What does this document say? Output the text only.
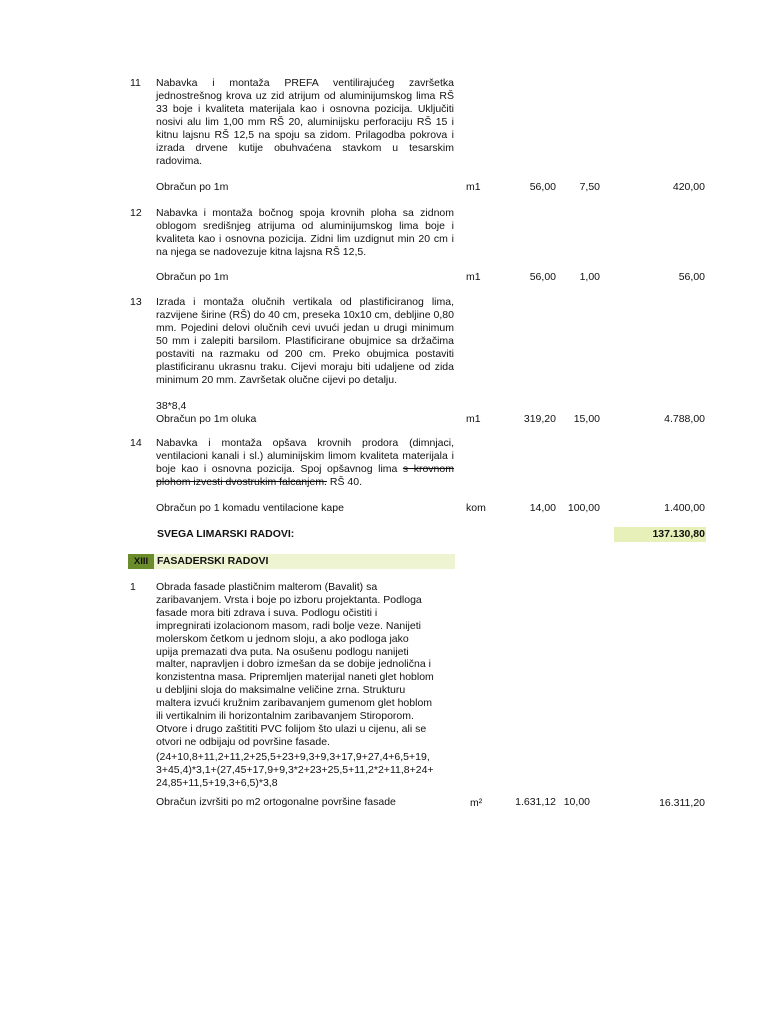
11 Nabavka i montaža PREFA ventilirajućeg završetka jednostrešnog krova uz zid atrijum od aluminijumskog lima RŠ 33 boje i kvaliteta materijala kao i osnovna pozicija. Uključiti nosivi alu lim 1,00 mm RŠ 20, aluminijsku perforaciju RŠ 15 i kitnu lajsnu RŠ 12,5 na spoju sa zidom. Prilagodba pokrova i izrada drvene kutije obuhvaćena stavkom u tesarskim radovima.

Obračun po 1m	m1	56,00	7,50	420,00
12 Nabavka i montaža bočnog spoja krovnih ploha sa zidnom oblogom središnjeg atrijuma od aluminijumskog lima boje i kvaliteta kao i osnovna pozicija. Zidni lim uzdignut min 20 cm i na njega se nadovezuje kitna lajsna RŠ 12,5.

Obračun po 1m	m1	56,00	1,00	56,00
13 Izrada i montaža olučnih vertikala od plastificiranog lima, razvijene širine (RŠ) do 40 cm, preseka 10x10 cm, debljine 0,80 mm. Pojedini delovi olučnih cevi uvući jedan u drugi minimum 50 mm i zalepiti barsilom. Plastificirane obujmice sa držačima postaviti na razmaku od 200 cm. Preko obujmica postaviti plastificiranu ukrasnu traku. Cijevi moraju biti udaljene od zida minimum 20 mm. Završetak olučne cijevi po detalju.

38*8,4
Obračun po 1m oluka	m1	319,20	15,00	4.788,00
14 Nabavka i montaža opšava krovnih prodora (dimnjaci, ventilacioni kanali i sl.) aluminijskim limom kvaliteta materijala i boje kao i osnovna pozicija. Spoj opšavnog lima s krovnom plohom izvesti dvostrukim falcanjem. RŠ 40.

Obračun po 1 komadu ventilacione kape	kom	14,00	100,00	1.400,00
SVEGA LIMARSKI RADOVI:	137.130,80
XIII FASADERSKI RADOVI
1 Obrada fasade plastičnim malterom (Bavalit) sa
zaribavanjem. Vrsta i boje po izboru projektanta. Podloga
fasade mora biti zdrava i suva. Podlogu očistiti i
impregnirati izolacionom masom, radi bolje veze. Nanijeti
molerskom četkom u jednom sloju, a ako podloga jako
upija premazati dva puta. Na osušenu podlogu nanijeti
malter, napravljen i dobro izmešan da se dobije jednolična i
konzistentna masa. Pripremljen materijal naneti glet hoblom
u debljini sloja do maksimalne veličine zrna. Strukturu
maltera izvući kružnim zaribavanjem gumenom glet hoblom
ili vertikalnim ili horizontalnim zaribavanjem Stiroporom.
Otvore i drugo zaštititi PVC folijom što ulazi u cijenu, ali se
otvori ne odbijaju od površine fasade.
(24+10,8+11,2+11,2+25,5+23+9,3+9,3+17,9+27,4+6,5+19,
3+45,4)*3,1+(27,45+17,9+9,3*2+23+25,5+11,2*2+11,8+24+
24,85+11,5+19,3+6,5)*3,8
Obračun izvršiti po m2 ortogonalne površine fasade	m²	1.631,12 10,00	16.311,20
